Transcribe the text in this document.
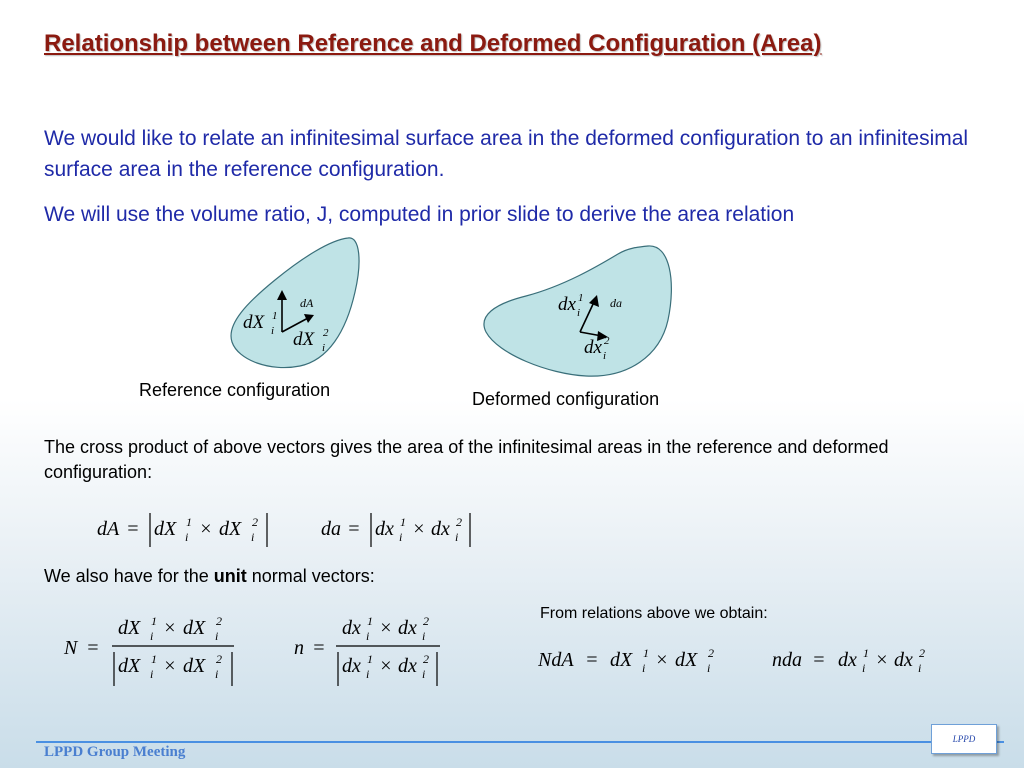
Relationship between Reference and Deformed Configuration (Area)
We would like to relate an infinitesimal surface area in the deformed configuration to an infinitesimal surface area in the reference configuration.
We will use the volume ratio, J, computed in prior slide to derive the area relation
dA
dX 1
i dX 2
i
Reference configuration
da
dx 1
i
dx 2
i
Deformed configuration
The cross product of above vectors gives the area of the infinitesimal areas in the reference and deformed configuration:
dA = dX 1
i × dX 2
i	da = dx 1
i × dx 2
i
We also have for the unit normal vectors:
N =
dX 1
i × dX 2
i
dX 1
i × dX 2
i
n =
dx 1
i × dx 2
i
dx 1
i × dx 2
i
From relations above we obtain:
NdA = dX 1
i × dX 2
i	nda = dx 1
i × dx 2
i
LPPD Group Meeting
LPPD
